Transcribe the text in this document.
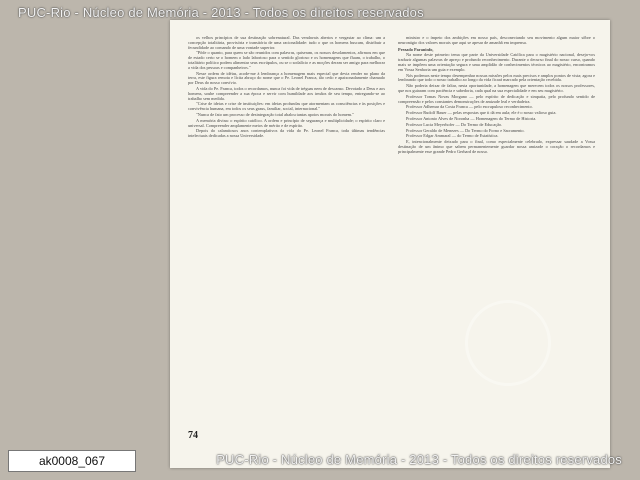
PUC-Rio - Núcleo de Memória - 2013 - Todos os direitos reservados

os velhos princípios de sua destinação sobrenatural. Das vendavais abertos e vergastar ao clima: um a concepção totalitária, provisória e transitória de uma racionalidade: tudo o que os homens buscam, distribuir a fecundidade ao comando de uma vontade superior.

"Pôde o quanto, para quem se são reunidos com palavras, quiseram, os nossos desolamentos, afirmou em que de estado certo se o homem o lado laborioso para o sentido glorioso e os homenagens que fluam, o trabalho, o totalitário político podem alimentar seus escrúpulos, ou se o sodalício e as moções deram ser amigo para melhorar a vida dos pessoas e companheiros."

Nesse ordem de idéias, acode-me à lembrança a homenagem mais especial que devia render no plano da terra, este figura remota e lícita abraço do nome que o Pe. Leonel Franca, tão cedo e apaixonadamente chamado por Deus do nosso convívio.

A vida do Pe. Franca, todos o recordamos, nunca foi vida de tréguas nem de descanso. Devotado a Deus e aos homens, soube compreender a sua época e servir com humildade aos irmãos de seu tempo, entregando-se ao trabalho sem medida.

"Crise de ideias e crise de instituições: em ideias profundas que atormentam as consciências e às posições e convivência humana, em todos os seus graus, familiar, social, internacional."

"Nunca de fato um processo de desintegração total abalou tantas apoios morais do homem."

A memória divina: o espírito católico. A ordem e princípio de segurança e multiplicidade; o espírito claro e universal. Compreender amplamente meios de mérito e de espírito.

Depois do calamitosos anos contemplativos da vida do Pe. Leonel Franca, toda últimas tendências intelectuais dedicadas a nossa Universidade.

ministro e o ímpeto dos ambições em nosso país, desconectando seu movimento algum maior sôbre o neuronágio dos valores morais que aqui se apesar de amanhã em imprensa.

Prezado Paraninfo,

Na nome deste primeiro tema que parte da Universidade Católica para o magistério nacional, deseja-vos traduzir algumas palavras de apreço e profundo reconhecimento. Durante o decurso final do nosso curso, quando mais se impõem uma orientação segura e uma amplidão de conhecimentos técnicos ao magistério, encontramos em Vossa Senhoria um guia e exemplo.

Nós podemos neste tempo desempenhar nossas missões pelos mais precisos e amplos pontos de vista; agora e lembrando que todo o nosso trabalho ao longo da vida ficará marcado pela orientação recebida.

Não poderia deixar de faltar, nesta oportunidade, a homenagem que merecem todos os nossos professores, que nos guiaram com paciência e sabedoria, cada qual na sua especialidade e em seu magistério.

Professor Tomas Novas Morgano — pelo espírito de dedicação e simpatia, pelo profundo sentido de compreensão e pelos constantes demonstrações de amizade leal e verdadeira.

Professor Adhemar da Costa Franca — pelo escrupuloso reconhecimento.

Professor Rudolf Bauer — pelas respostas que ti dá em aula; ele é o nosso valioso guia.

Professor Antonio Alves de Noronha — Homenagem do Termo de Historia.

Professor Lucia Meyerhofer — Do Termo de Educação.

Professor Geraldo de Menezes — Do Termo do Forno e Sacramento.

Professor Edgar Ammaral — do Termo de Estatística.

E, intencionalmente deixado para o final, como especialmente celebrado, expressar saudade a Vossa destinação de um ânimo que sabem permanentemente guardar nossa amizade o coração o recordamos e principalmente esse grande Pedro Gerhard de nosso.

74
PUC-Rio - Núcleo de Memória - 2013 - Todos os direitos reservados
ak0008_067
